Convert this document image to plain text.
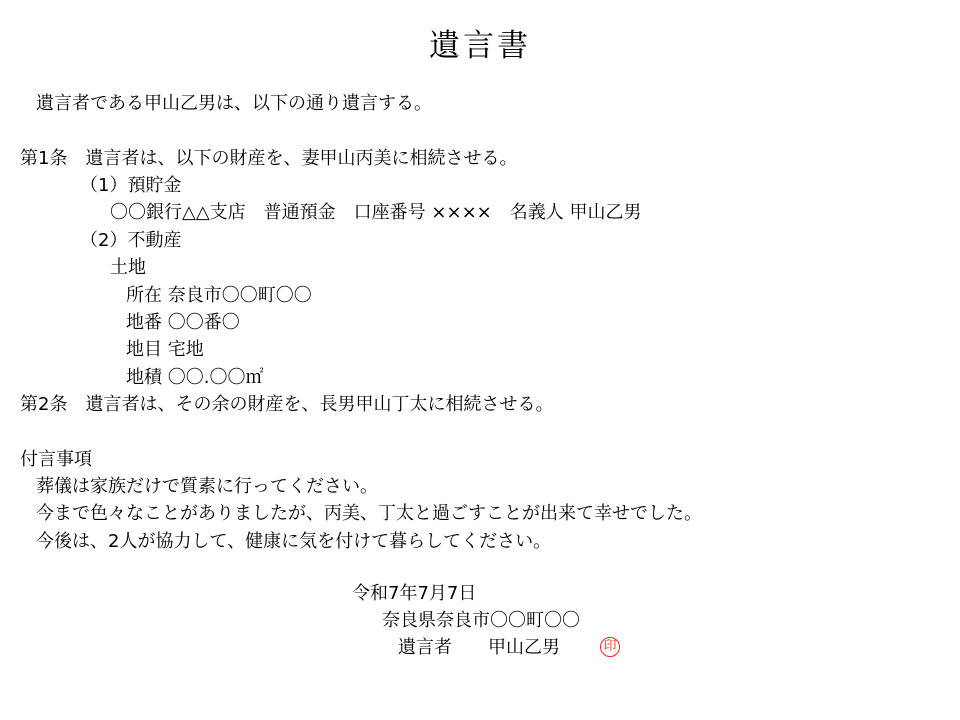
遺言書
遺言者である甲山乙男は、以下の通り遺言する。
第1条　遺言者は、以下の財産を、妻甲山丙美に相続させる。
（1）預貯金
〇〇銀行△△支店　普通預金　口座番号 ××××　名義人 甲山乙男
（2）不動産
土地
所在 奈良市〇〇町〇〇
地番 〇〇番〇
地目 宅地
地積 〇〇.〇〇㎡
第2条　遺言者は、その余の財産を、長男甲山丁太に相続させる。
付言事項
葬儀は家族だけで質素に行ってください。
今まで色々なことがありましたが、丙美、丁太と過ごすことが出来て幸せでした。
今後は、2人が協力して、健康に気を付けて暮らしてください。
令和7年7月7日
奈良県奈良市〇〇町〇〇
遺言者　　甲山乙男	印
